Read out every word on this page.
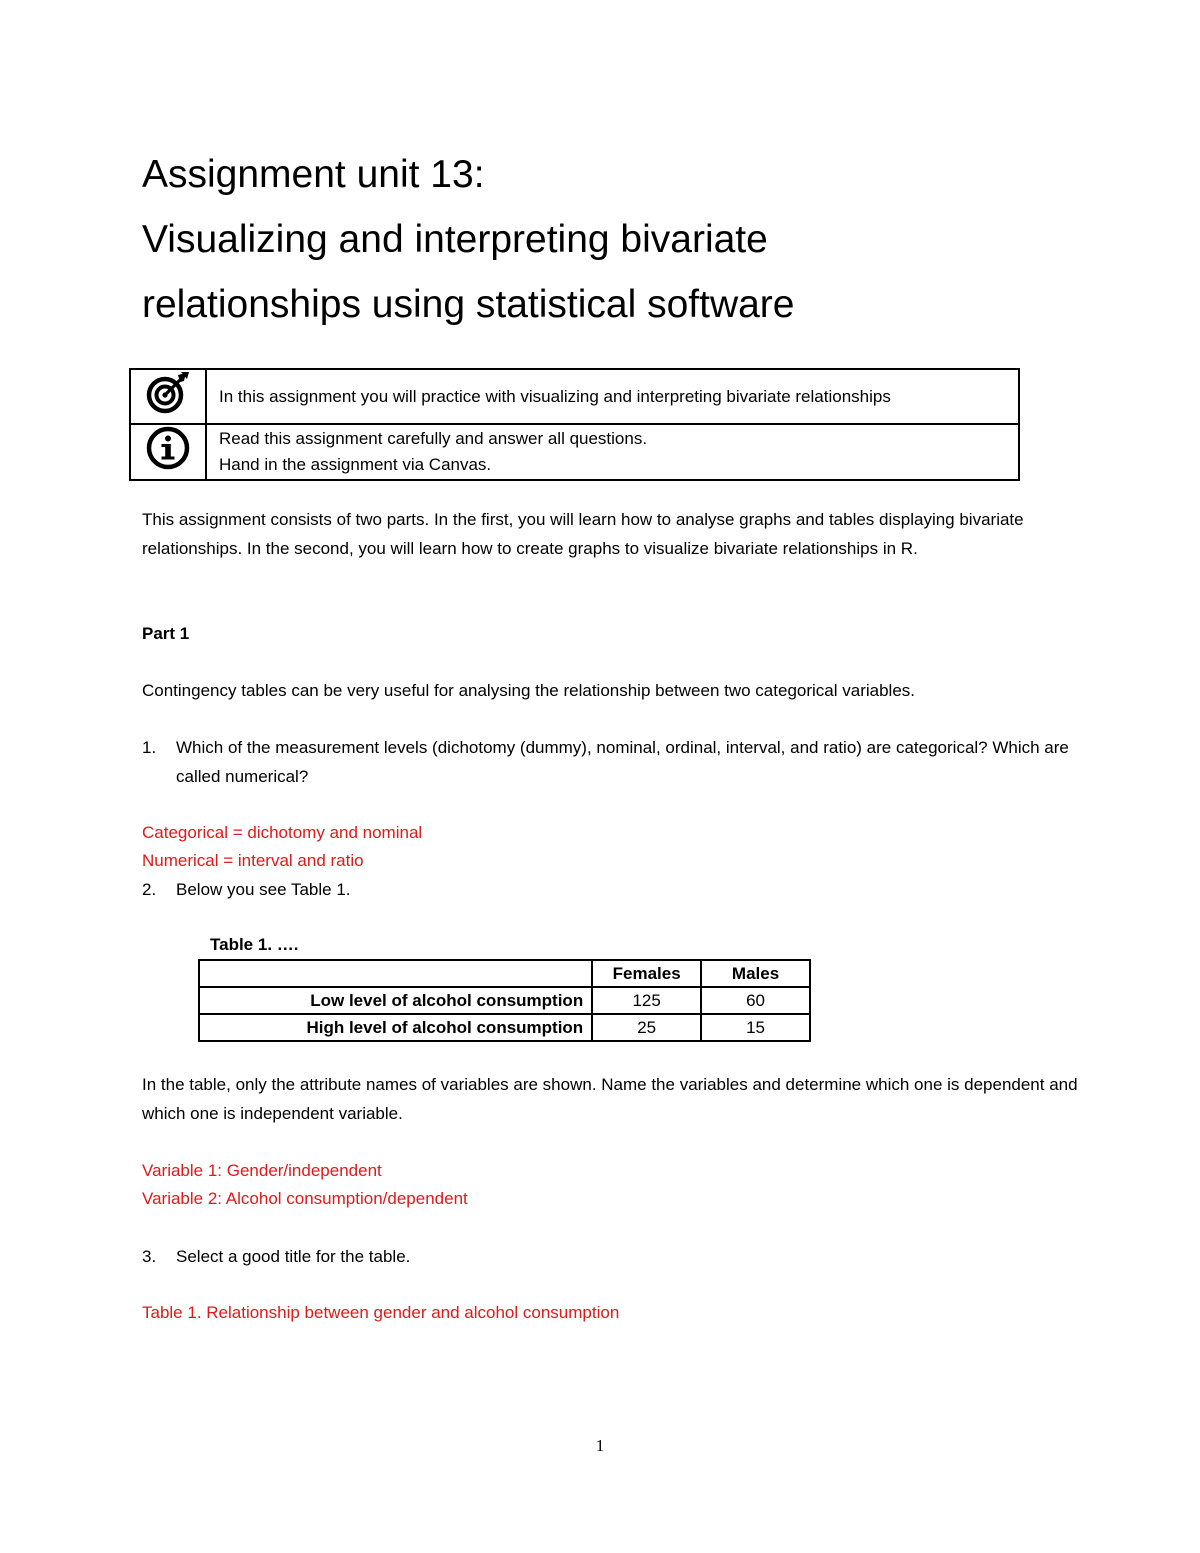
Assignment unit 13:
Visualizing and interpreting bivariate
relationships using statistical software
	In this assignment you will practice with visualizing and interpreting bivariate relationships

Read this assignment carefully and answer all questions.
Hand in the assignment via Canvas.
This assignment consists of two parts. In the first, you will learn how to analyse graphs and tables displaying bivariate relationships. In the second, you will learn how to create graphs to visualize bivariate relationships in R.
Part 1
Contingency tables can be very useful for analysing the relationship between two categorical variables.
1. Which of the measurement levels (dichotomy (dummy), nominal, ordinal, interval, and ratio) are categorical? Which are called numerical?
Categorical = dichotomy and nominal
Numerical = interval and ratio
2. Below you see Table 1.
Table 1. ….
	Females	Males
Low level of alcohol consumption	125	60
High level of alcohol consumption	25	15
In the table, only the attribute names of variables are shown. Name the variables and determine which one is dependent and which one is independent variable.
Variable 1: Gender/independent
Variable 2: Alcohol consumption/dependent
3. Select a good title for the table.
Table 1. Relationship between gender and alcohol consumption
1
